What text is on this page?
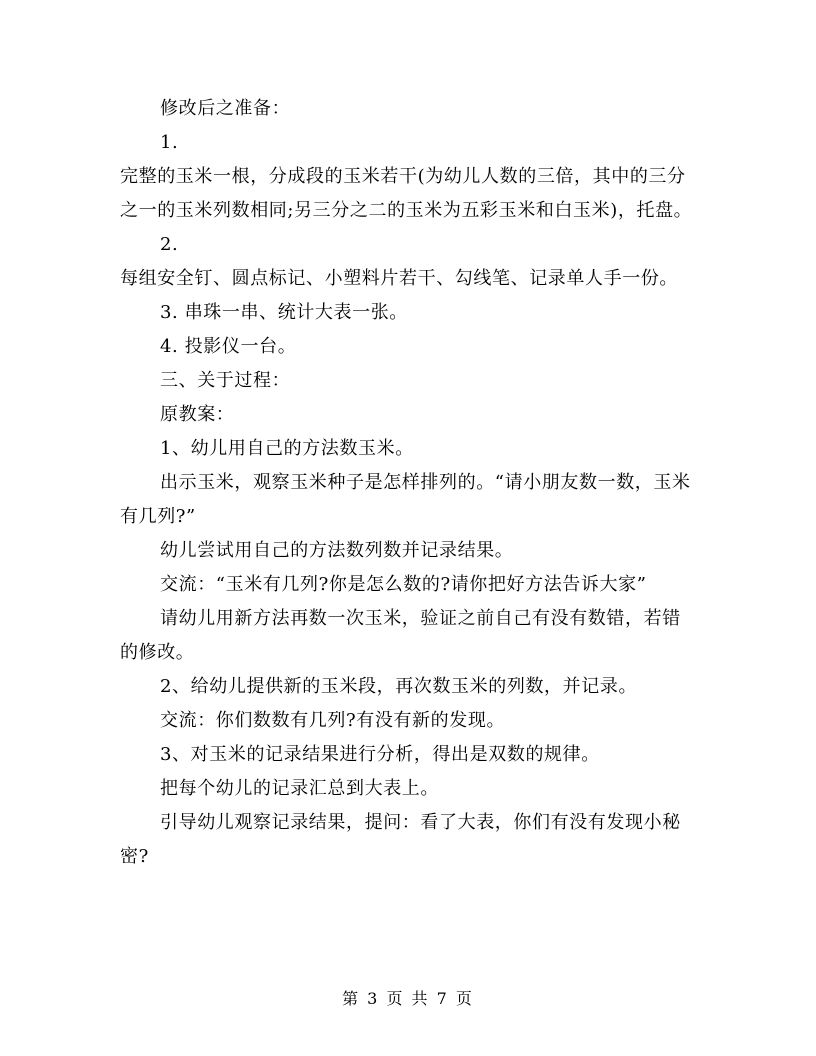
修改后之准备：

1.

完整的玉米一根，分成段的玉米若干(为幼儿人数的三倍，其中的三分之一的玉米列数相同;另三分之二的玉米为五彩玉米和白玉米)，托盘。

2.

每组安全钉、圆点标记、小塑料片若干、勾线笔、记录单人手一份。

3. 串珠一串、统计大表一张。

4. 投影仪一台。

三、关于过程：

原教案：

1、幼儿用自己的方法数玉米。

出示玉米，观察玉米种子是怎样排列的。“请小朋友数一数，玉米有几列?”

幼儿尝试用自己的方法数列数并记录结果。

交流：“玉米有几列?你是怎么数的?请你把好方法告诉大家”

请幼儿用新方法再数一次玉米，验证之前自己有没有数错，若错的修改。

2、给幼儿提供新的玉米段，再次数玉米的列数，并记录。

交流：你们数数有几列?有没有新的发现。

3、对玉米的记录结果进行分析，得出是双数的规律。

把每个幼儿的记录汇总到大表上。

引导幼儿观察记录结果，提问：看了大表，你们有没有发现小秘密?

第 3 页 共 7 页
